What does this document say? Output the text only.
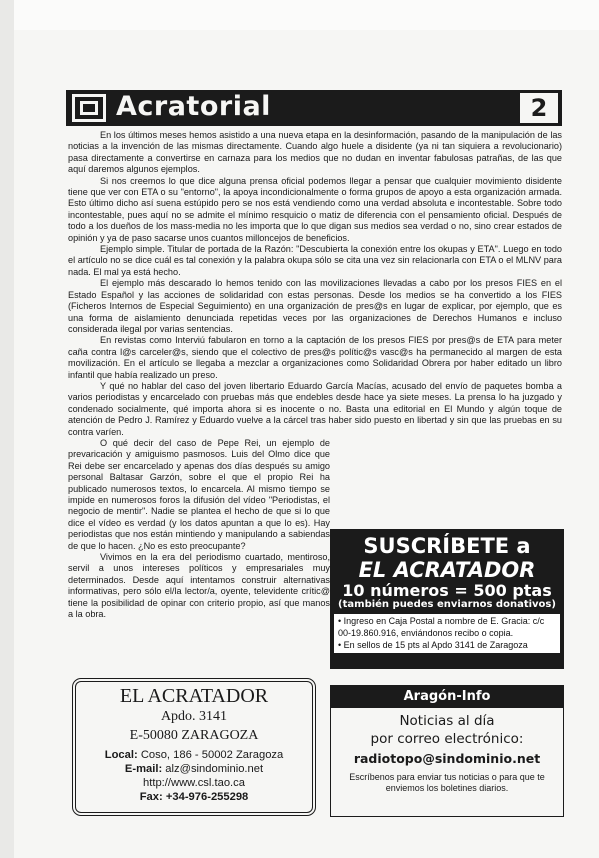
Acratorial	2

En los últimos meses hemos asistido a una nueva etapa en la desinformación, pasando de la manipulación de las noticias a la invención de las mismas directamente. Cuando algo huele a disidente (ya ni tan siquiera a revolucionario) pasa directamente a convertirse en carnaza para los medios que no dudan en inventar fabulosas patrañas, de las que aquí daremos algunos ejemplos.

Si nos creemos lo que dice alguna prensa oficial podemos llegar a pensar que cualquier movimiento disidente tiene que ver con ETA o su "entorno", la apoya incondicionalmente o forma grupos de apoyo a esta organización armada. Esto último dicho así suena estúpido pero se nos está vendiendo como una verdad absoluta e incontestable. Sobre todo incontestable, pues aquí no se admite el mínimo resquicio o matiz de diferencia con el pensamiento oficial. Después de todo a los dueños de los mass-media no les importa que lo que digan sus medios sea verdad o no, sino crear estados de opinión y ya de paso sacarse unos cuantos milloncejos de beneficios.

Ejemplo simple. Titular de portada de la Razón: "Descubierta la conexión entre los okupas y ETA". Luego en todo el artículo no se dice cuál es tal conexión y la palabra okupa sólo se cita una vez sin relacionarla con ETA o el MLNV para nada. El mal ya está hecho.

El ejemplo más descarado lo hemos tenido con las movilizaciones llevadas a cabo por los presos FIES en el Estado Español y las acciones de solidaridad con estas personas. Desde los medios se ha convertido a los FIES (Ficheros Internos de Especial Seguimiento) en una organización de pres@s en lugar de explicar, por ejemplo, que es una forma de aislamiento denunciada repetidas veces por las organizaciones de Derechos Humanos e incluso considerada ilegal por varias sentencias.

En revistas como Interviú fabularon en torno a la captación de los presos FIES por pres@s de ETA para meter caña contra l@s carceler@s, siendo que el colectivo de pres@s polític@s vasc@s ha permanecido al margen de esta movilización. En el artículo se llegaba a mezclar a organizaciones como Solidaridad Obrera por haber editado un libro infantil que había realizado un preso.

Y qué no hablar del caso del joven libertario Eduardo García Macías, acusado del envío de paquetes bomba a varios periodistas y encarcelado con pruebas más que endebles desde hace ya siete meses. La prensa lo ha juzgado y condenado socialmente, qué importa ahora si es inocente o no. Basta una editorial en El Mundo y algún toque de atención de Pedro J. Ramírez y Eduardo vuelve a la cárcel tras haber sido puesto en libertad y sin que las pruebas en su contra varíen.

O qué decir del caso de Pepe Rei, un ejemplo de prevaricación y amiguismo pasmosos. Luis del Olmo dice que Rei debe ser encarcelado y apenas dos días después su amigo personal Baltasar Garzón, sobre el que el propio Rei ha publicado numerosos textos, lo encarcela. Al mismo tiempo se impide en numerosos foros la difusión del vídeo "Periodistas, el negocio de mentir". Nadie se plantea el hecho de que si lo que dice el vídeo es verdad (y los datos apuntan a que lo es). Hay periodistas que nos están mintiendo y manipulando a sabiendas de que lo hacen. ¿No es esto preocupante?

Vivimos en la era del periodismo cuartado, mentiroso, servil a unos intereses políticos y empresariales muy determinados. Desde aquí intentamos construir alternativas informativas, pero sólo el/la lector/a, oyente, televidente crític@ tiene la posibilidad de opinar con criterio propio, así que manos a la obra.

SUSCRÍBETE a
EL ACRATADOR
10 números = 500 ptas
(también puedes enviarnos donativos)
• Ingreso en Caja Postal a nombre de E. Gracia: c/c 00-19.860.916, enviándonos recibo o copia.
• En sellos de 15 pts al Apdo 3141 de Zaragoza
EL ACRATADOR
Apdo. 3141
E-50080 ZARAGOZA
Local: Coso, 186 - 50002 Zaragoza
E-mail: alz@sindominio.net
http://www.csl.tao.ca
Fax: +34-976-255298
Aragón-Info
Noticias al día
por correo electrónico:
radiotopo@sindominio.net
Escríbenos para enviar tus noticias o para que te enviemos los boletines diarios.
